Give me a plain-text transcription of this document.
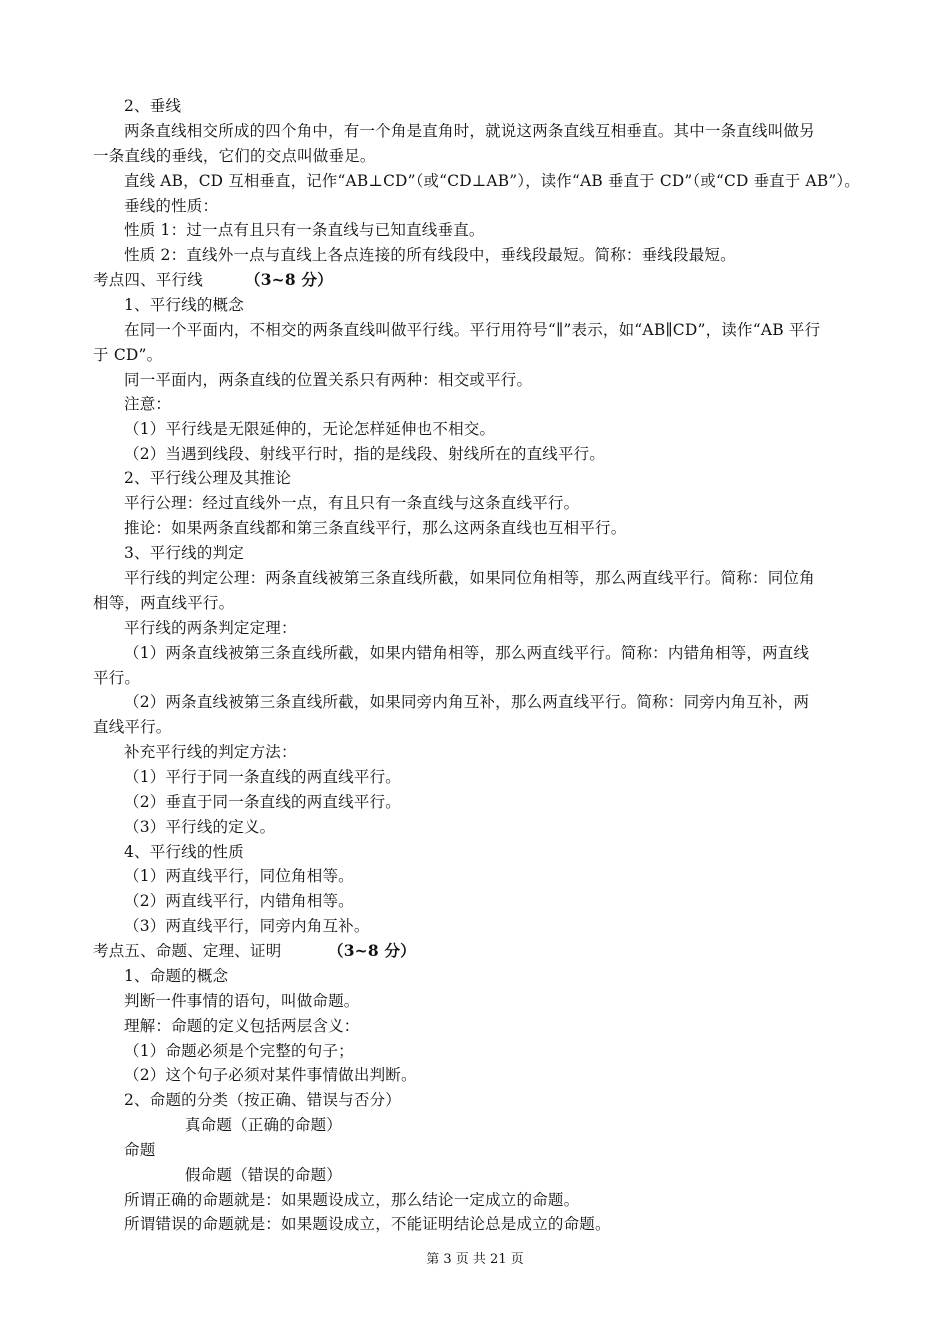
2、垂线
两条直线相交所成的四个角中，有一个角是直角时，就说这两条直线互相垂直。其中一条直线叫做另
一条直线的垂线，它们的交点叫做垂足。
直线 AB，CD 互相垂直，记作“AB⊥CD”（或“CD⊥AB”），读作“AB 垂直于 CD”（或“CD 垂直于 AB”）。
垂线的性质：
性质 1：过一点有且只有一条直线与已知直线垂直。
性质 2：直线外一点与直线上各点连接的所有线段中，垂线段最短。简称：垂线段最短。
考点四、平行线	（3~8 分）
1、平行线的概念
在同一个平面内，不相交的两条直线叫做平行线。平行用符号“∥”表示，如“AB∥CD”，读作“AB 平行
于 CD”。
同一平面内，两条直线的位置关系只有两种：相交或平行。
注意：
（1）平行线是无限延伸的，无论怎样延伸也不相交。
（2）当遇到线段、射线平行时，指的是线段、射线所在的直线平行。
2、平行线公理及其推论
平行公理：经过直线外一点，有且只有一条直线与这条直线平行。
推论：如果两条直线都和第三条直线平行，那么这两条直线也互相平行。
3、平行线的判定
平行线的判定公理：两条直线被第三条直线所截，如果同位角相等，那么两直线平行。简称：同位角
相等，两直线平行。
平行线的两条判定定理：
（1）两条直线被第三条直线所截，如果内错角相等，那么两直线平行。简称：内错角相等，两直线
平行。
（2）两条直线被第三条直线所截，如果同旁内角互补，那么两直线平行。简称：同旁内角互补，两
直线平行。
补充平行线的判定方法：
（1）平行于同一条直线的两直线平行。
（2）垂直于同一条直线的两直线平行。
（3）平行线的定义。
4、平行线的性质
（1）两直线平行，同位角相等。
（2）两直线平行，内错角相等。
（3）两直线平行，同旁内角互补。
考点五、命题、定理、证明	（3~8 分）
1、命题的概念
判断一件事情的语句，叫做命题。
理解：命题的定义包括两层含义：
（1）命题必须是个完整的句子；
（2）这个句子必须对某件事情做出判断。
2、命题的分类（按正确、错误与否分）
真命题（正确的命题）
命题
假命题（错误的命题）
所谓正确的命题就是：如果题设成立，那么结论一定成立的命题。
所谓错误的命题就是：如果题设成立，不能证明结论总是成立的命题。
第 3 页 共 21 页
